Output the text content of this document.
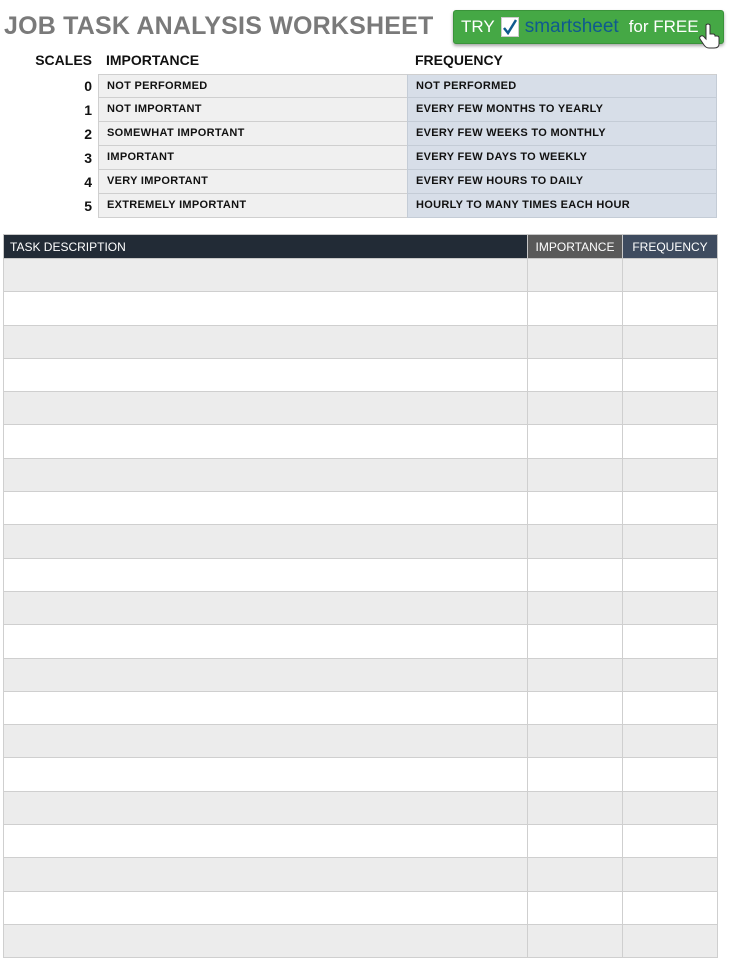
JOB TASK ANALYSIS WORKSHEET TRY smartsheet for FREE
SCALES IMPORTANCE	FREQUENCY
0	NOT PERFORMED	NOT PERFORMED
1	NOT IMPORTANT	EVERY FEW MONTHS TO YEARLY
2	SOMEWHAT IMPORTANT	EVERY FEW WEEKS TO MONTHLY
3	IMPORTANT	EVERY FEW DAYS TO WEEKLY
4	VERY IMPORTANT	EVERY FEW HOURS TO DAILY
5	EXTREMELY IMPORTANT	HOURLY TO MANY TIMES EACH HOUR
TASK DESCRIPTION	IMPORTANCE	FREQUENCY
